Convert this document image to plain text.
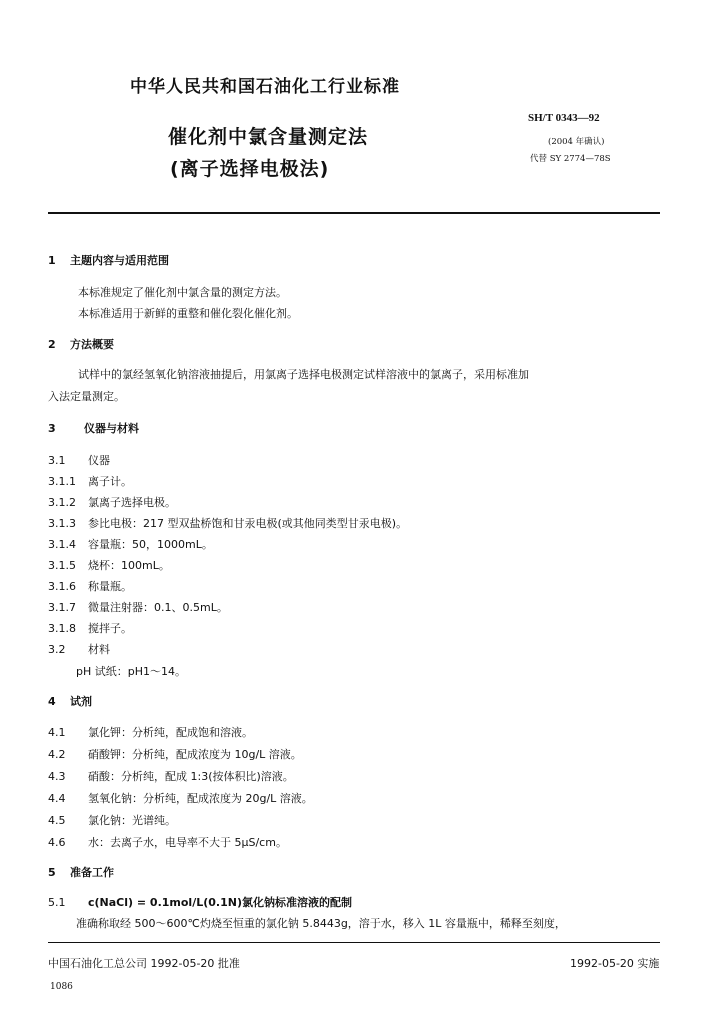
中华人民共和国石油化工行业标准
催化剂中氯含量测定法
(离子选择电极法)
SH/T 0343—92
(2004 年确认)
代替 SY 2774—78S
1 主题内容与适用范围
本标准规定了催化剂中氯含量的测定方法。
本标准适用于新鲜的重整和催化裂化催化剂。
2 方法概要
试样中的氯经氢氧化钠溶液抽提后，用氯离子选择电极测定试样溶液中的氯离子，采用标准加
入法定量测定。
3	仪器与材料
3.1 仪器
3.1.1 离子计。
3.1.2 氯离子选择电极。
3.1.3 参比电极：217 型双盐桥饱和甘汞电极(或其他同类型甘汞电极)。
3.1.4 容量瓶：50，1000mL。
3.1.5 烧杯：100mL。
3.1.6 称量瓶。
3.1.7 微量注射器：0.1、0.5mL。
3.1.8 搅拌子。
3.2 材料
pH 试纸：pH1～14。
4 试剂
4.1 氯化钾：分析纯，配成饱和溶液。
4.2 硝酸钾：分析纯，配成浓度为 10g/L 溶液。
4.3 硝酸：分析纯，配成 1:3(按体积比)溶液。
4.4 氢氧化钠：分析纯，配成浓度为 20g/L 溶液。
4.5 氯化钠：光谱纯。
4.6 水：去离子水，电导率不大于 5μS/cm。
5 准备工作
5.1 c(NaCl) = 0.1mol/L(0.1N)氯化钠标准溶液的配制
准确称取经 500～600℃灼烧至恒重的氯化钠 5.8443g，溶于水，移入 1L 容量瓶中，稀释至刻度，
中国石油化工总公司 1992-05-20 批准	1992-05-20 实施
1086
